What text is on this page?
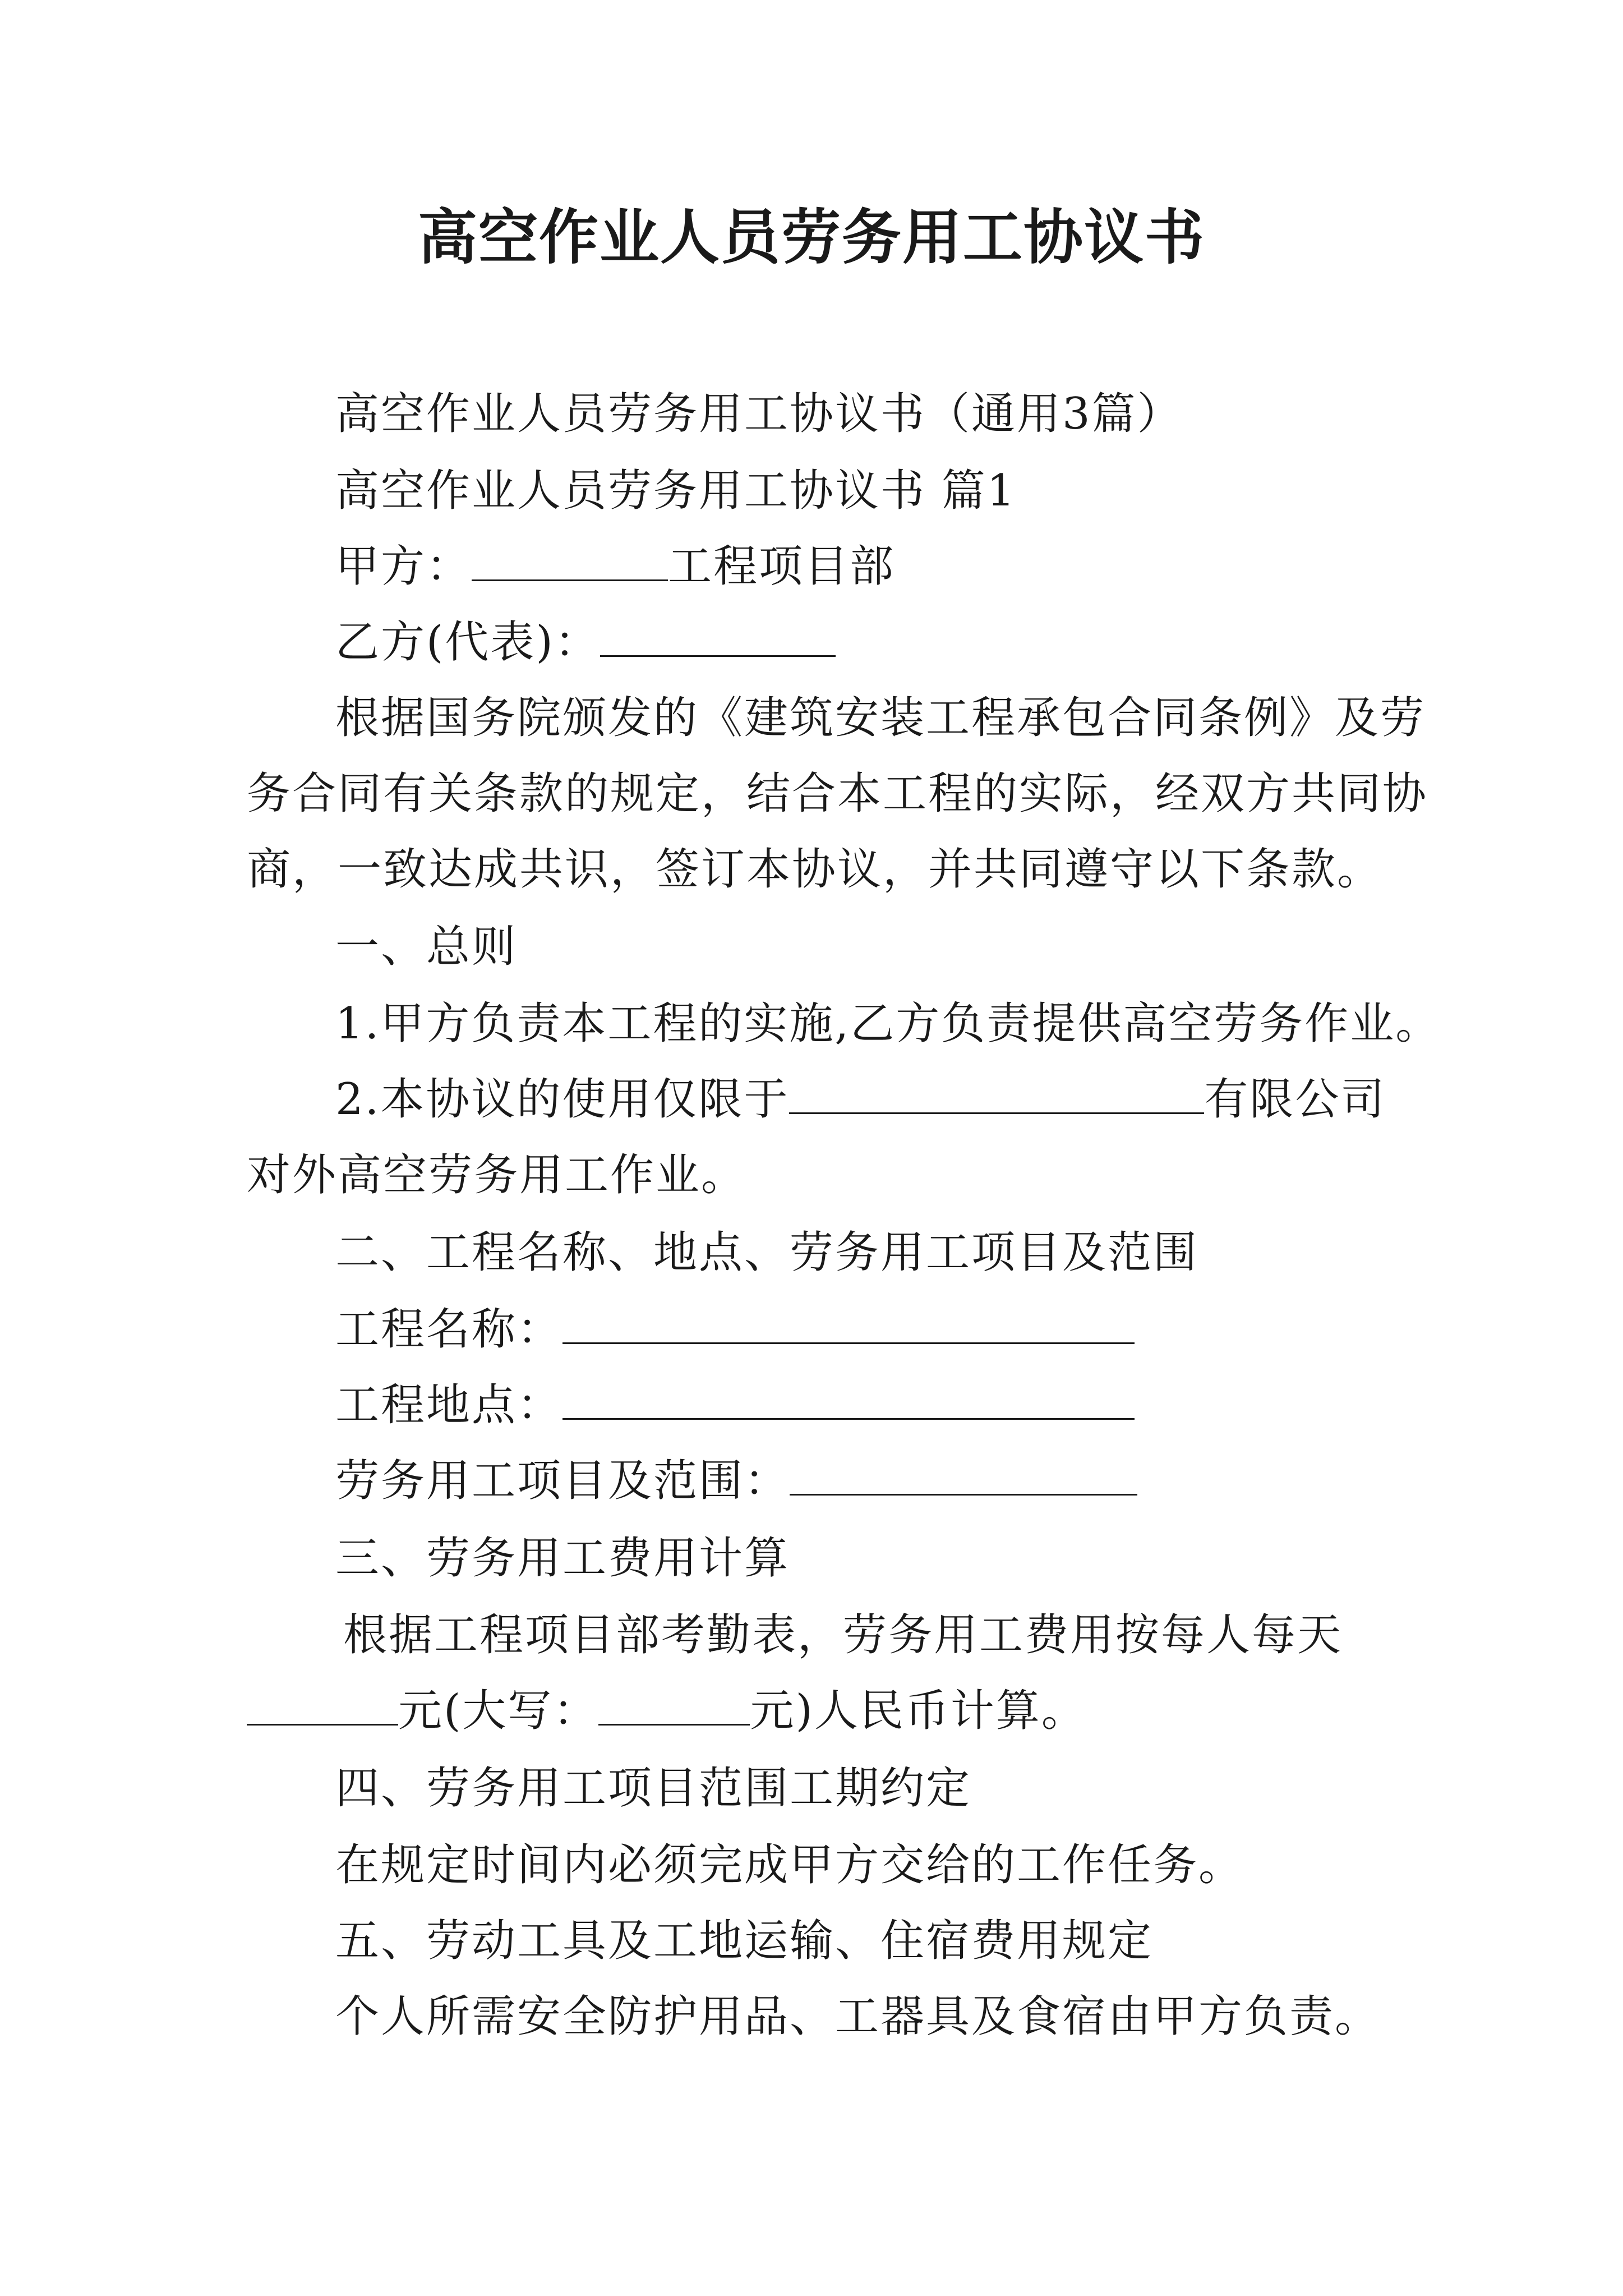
高空作业人员劳务用工协议书
高空作业人员劳务用工协议书（通用3篇）
高空作业人员劳务用工协议书 篇1
甲方：	工程项目部
乙方(代表)：
根据国务院颁发的《建筑安装工程承包合同条例》及劳
务合同有关条款的规定，结合本工程的实际，经双方共同协
商，一致达成共识，签订本协议，并共同遵守以下条款。
一、总则
1.甲方负责本工程的实施,乙方负责提供高空劳务作业。
2.本协议的使用仅限于	有限公司
对外高空劳务用工作业。
二、工程名称、地点、劳务用工项目及范围
工程名称：
工程地点：
劳务用工项目及范围：
三、劳务用工费用计算
根据工程项目部考勤表，劳务用工费用按每人每天
元(大写：	元)人民币计算。
四、劳务用工项目范围工期约定
在规定时间内必须完成甲方交给的工作任务。
五、劳动工具及工地运输、住宿费用规定
个人所需安全防护用品、工器具及食宿由甲方负责。
